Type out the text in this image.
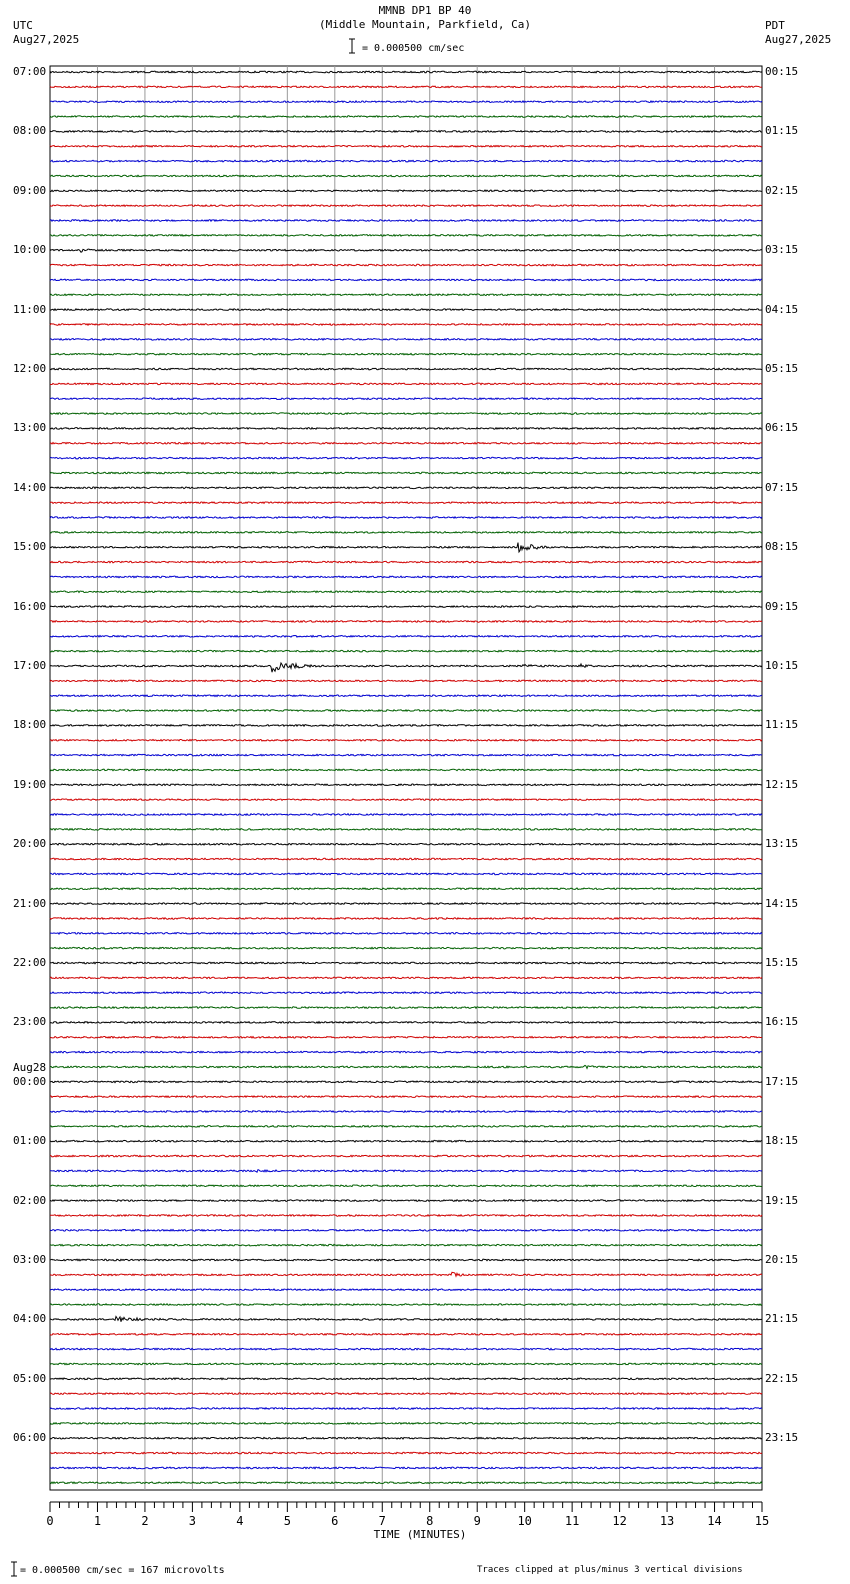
MMNB DP1 BP 40
(Middle Mountain, Parkfield, Ca)
UTC
Aug27,2025
PDT
Aug27,2025
= 0.000500 cm/sec
= 0.000500 cm/sec = 167 microvolts	Traces clipped at plus/minus 3 vertical divisions
TIME (MINUTES)
0	1	2	3	4	5	6	7	8	9	10	11	12	13	14	15
07:00
08:00
09:00
10:00
11:00
12:00
13:00
14:00
15:00
16:00
17:00
18:00
19:00
20:00
21:00
22:00
23:00
00:00
01:00
02:00
03:00
04:00
05:00
06:00
Aug28
00:15
01:15
02:15
03:15
04:15
05:15
06:15
07:15
08:15
09:15
10:15
11:15
12:15
13:15
14:15
15:15
16:15
17:15
18:15
19:15
20:15
21:15
22:15
23:15
